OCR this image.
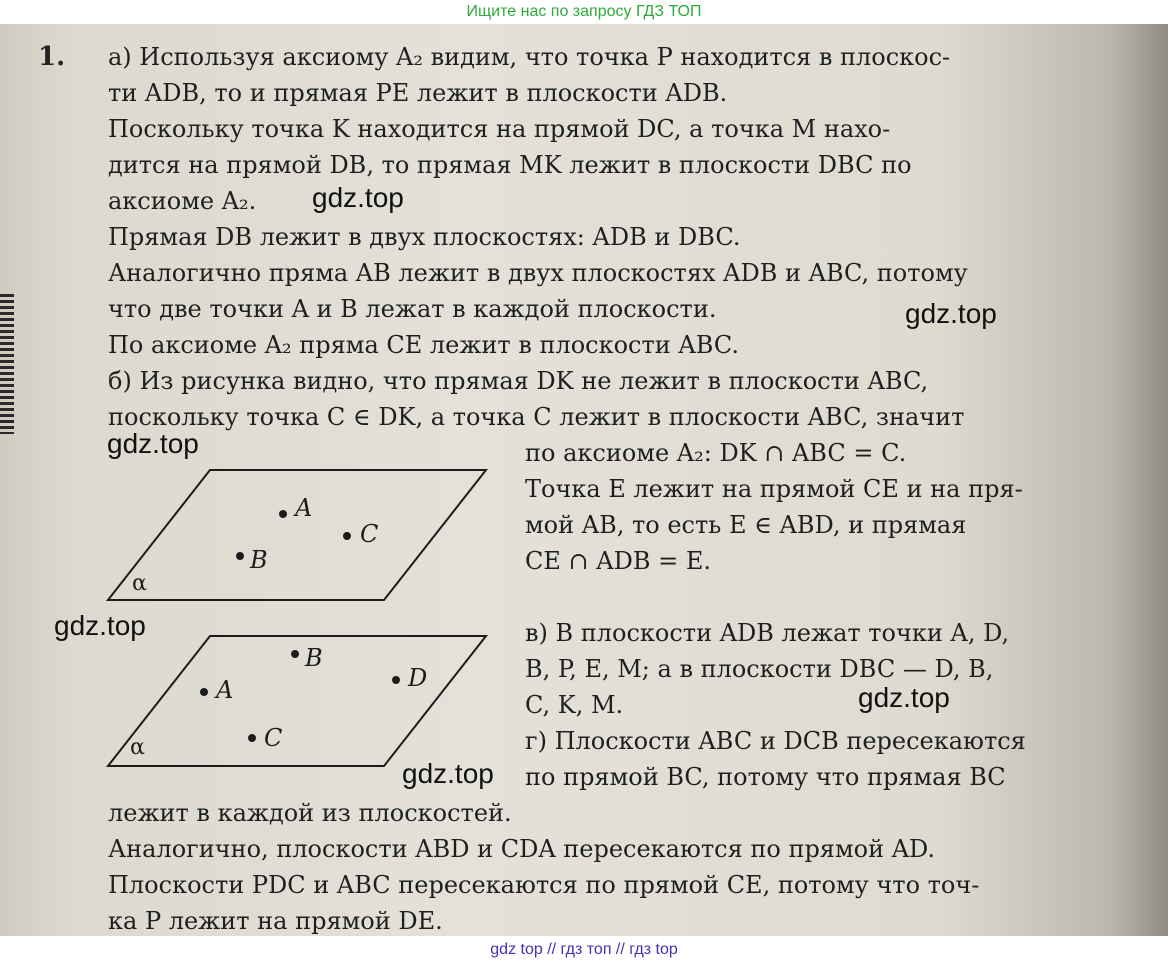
Ищите нас по запросу ГДЗ ТОП
1. а) Используя аксиому A₂ видим, что точка P находится в плоскос-
ти ADB, то и прямая PE лежит в плоскости ADB.
Поскольку точка K находится на прямой DC, а точка M нахо-
дится на прямой DB, то прямая MK лежит в плоскости DBC по
аксиоме A₂.
Прямая DB лежит в двух плоскостях: ADB и DBC.
Аналогично пряма AB лежит в двух плоскостях ADB и ABC, потому
что две точки A и B лежат в каждой плоскости.
По аксиоме A₂ пряма CE лежит в плоскости ABC.
б) Из рисунка видно, что прямая DK не лежит в плоскости ABC,
поскольку точка C ∈ DK, а точка C лежит в плоскости ABC, значит
по аксиоме A₂: DK ∩ ABC = C.
Точка E лежит на прямой CE и на пря-
мой AB, то есть E ∈ ABD, и прямая
CE ∩ ADB = E.
в) В плоскости ADB лежат точки A, D,
B, P, E, M; а в плоскости DBC — D, B,
C, K, M.
г) Плоскости ABC и DCB пересекаются
по прямой BC, потому что прямая BC
лежит в каждой из плоскостей.
Аналогично, плоскости ABD и CDA пересекаются по прямой AD.
Плоскости PDC и ABC пересекаются по прямой CE, потому что точ-
ка P лежит на прямой DE.
A
C
B
α
B
A	D
C
α
gdz.top
gdz.top
gdz.top
gdz.top
gdz.top
gdz.top
gdz top // гдз топ // гдз top
